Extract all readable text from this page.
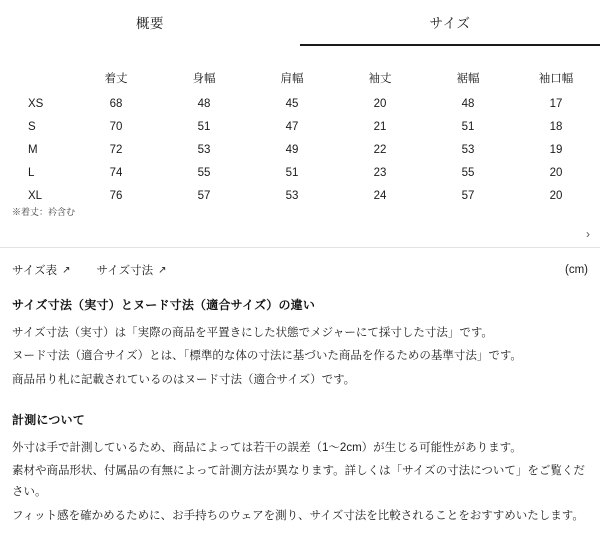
概要	サイズ
	着丈	身幅	肩幅	袖丈	裾幅	袖口幅
XS	68	48	45	20	48	17
S	70	51	47	21	51	18
M	72	53	49	22	53	19
L	74	55	51	23	55	20
XL	76	57	53	24	57	20
※着丈：衿含む
›
サイズ表 ↗ サイズ寸法 ↗	(cm)
サイズ寸法（実寸）とヌード寸法（適合サイズ）の違い

サイズ寸法（実寸）は「実際の商品を平置きにした状態でメジャーにて採寸した寸法」です。

ヌード寸法（適合サイズ）とは、「標準的な体の寸法に基づいた商品を作るための基準寸法」です。

商品吊り札に記載されているのはヌード寸法（適合サイズ）です。

計測について

外寸は手で計測しているため、商品によっては若干の誤差（1〜2cm）が生じる可能性があります。

素材や商品形状、付属品の有無によって計測方法が異なります。詳しくは「サイズの寸法について」をご覧ください。

フィット感を確かめるために、お手持ちのウェアを測り、サイズ寸法を比較されることをおすすめいたします。
